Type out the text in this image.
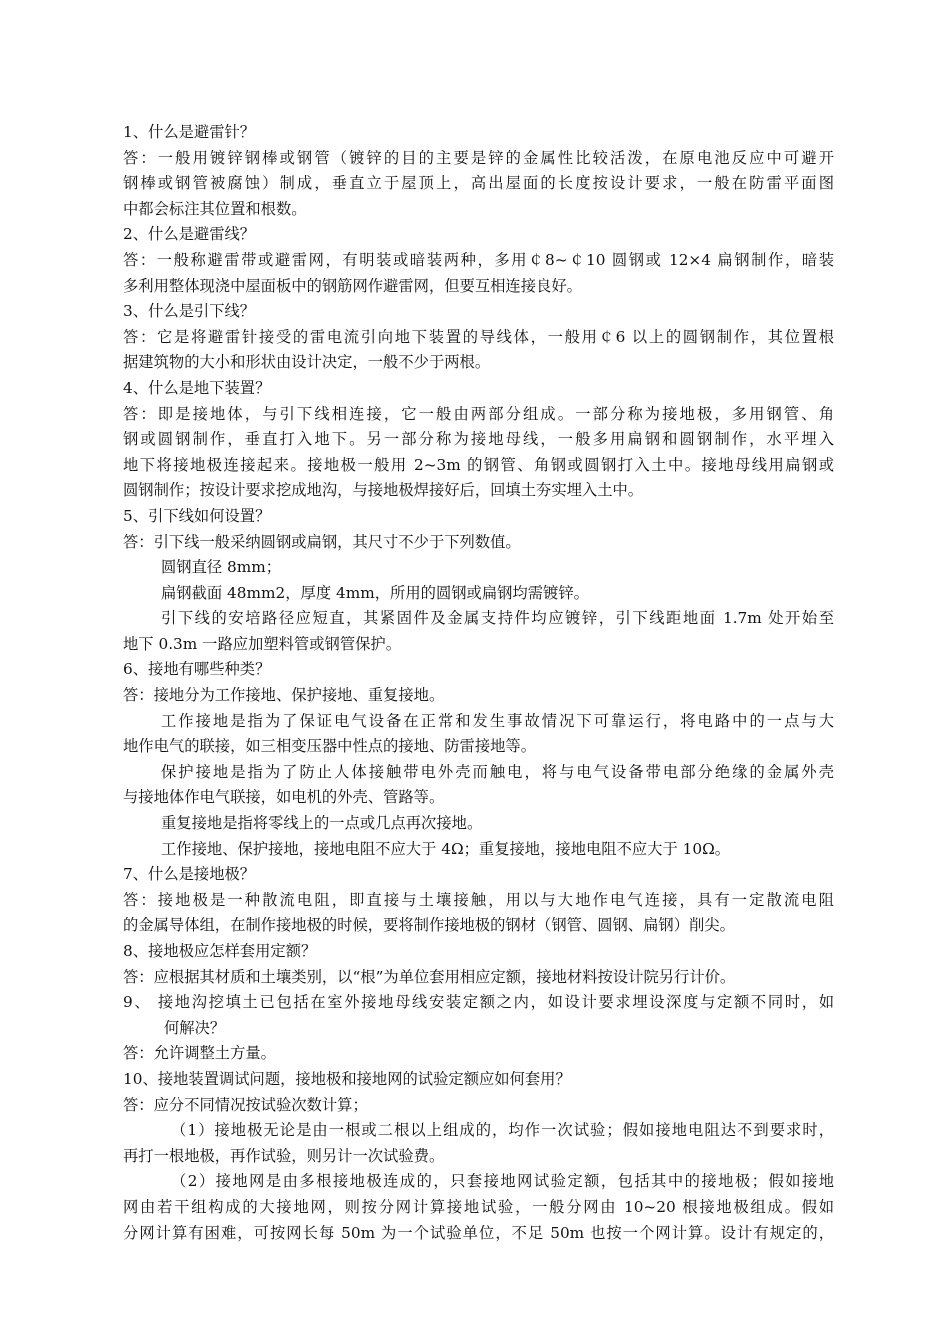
1、什么是避雷针？
答：一般用镀锌钢棒或钢管（镀锌的目的主要是锌的金属性比较活泼，在原电池反应中可避开
钢棒或钢管被腐蚀）制成，垂直立于屋顶上，高出屋面的长度按设计要求，一般在防雷平面图
中都会标注其位置和根数。
2、什么是避雷线？
答：一般称避雷带或避雷网，有明装或暗装两种，多用￠8~￠10 圆钢或 12×4 扁钢制作，暗装
多利用整体现浇中屋面板中的钢筋网作避雷网，但要互相连接良好。
3、什么是引下线？
答：它是将避雷针接受的雷电流引向地下装置的导线体，一般用￠6 以上的圆钢制作，其位置根
据建筑物的大小和形状由设计决定，一般不少于两根。
4、什么是地下装置？
答：即是接地体，与引下线相连接，它一般由两部分组成。一部分称为接地极，多用钢管、角
钢或圆钢制作，垂直打入地下。另一部分称为接地母线，一般多用扁钢和圆钢制作，水平埋入
地下将接地极连接起来。接地极一般用 2~3m 的钢管、角钢或圆钢打入土中。接地母线用扁钢或
圆钢制作；按设计要求挖成地沟，与接地极焊接好后，回填土夯实埋入土中。
5、引下线如何设置？
答：引下线一般采纳圆钢或扁钢，其尺寸不少于下列数值。
圆钢直径 8mm；
扁钢截面 48mm2，厚度 4mm，所用的圆钢或扁钢均需镀锌。
引下线的安培路径应短直，其紧固件及金属支持件均应镀锌，引下线距地面 1.7m 处开始至
地下 0.3m 一路应加塑料管或钢管保护。
6、接地有哪些种类？
答：接地分为工作接地、保护接地、重复接地。
工作接地是指为了保证电气设备在正常和发生事故情况下可靠运行，将电路中的一点与大
地作电气的联接，如三相变压器中性点的接地、防雷接地等。
保护接地是指为了防止人体接触带电外壳而触电，将与电气设备带电部分绝缘的金属外壳
与接地体作电气联接，如电机的外壳、管路等。
重复接地是指将零线上的一点或几点再次接地。
工作接地、保护接地，接地电阻不应大于 4Ω；重复接地，接地电阻不应大于 10Ω。
7、什么是接地极？
答：接地极是一种散流电阻，即直接与土壤接触，用以与大地作电气连接，具有一定散流电阻
的金属导体组，在制作接地极的时候，要将制作接地极的钢材（钢管、圆钢、扁钢）削尖。
8、接地极应怎样套用定额？
答：应根据其材质和土壤类别，以“根”为单位套用相应定额，接地材料按设计院另行计价。
9、 接地沟挖填土已包括在室外接地母线安装定额之内，如设计要求埋设深度与定额不同时，如
何解决？
答：允许调整土方量。
10、接地装置调试问题，接地极和接地网的试验定额应如何套用？
答：应分不同情况按试验次数计算；
（1）接地极无论是由一根或二根以上组成的，均作一次试验；假如接地电阻达不到要求时，
再打一根地极，再作试验，则另计一次试验费。
（2）接地网是由多根接地极连成的，只套接地网试验定额，包括其中的接地极；假如接地
网由若干组构成的大接地网，则按分网计算接地试验，一般分网由 10~20 根接地极组成。假如
分网计算有困难，可按网长每 50m 为一个试验单位，不足 50m 也按一个网计算。设计有规定的，
